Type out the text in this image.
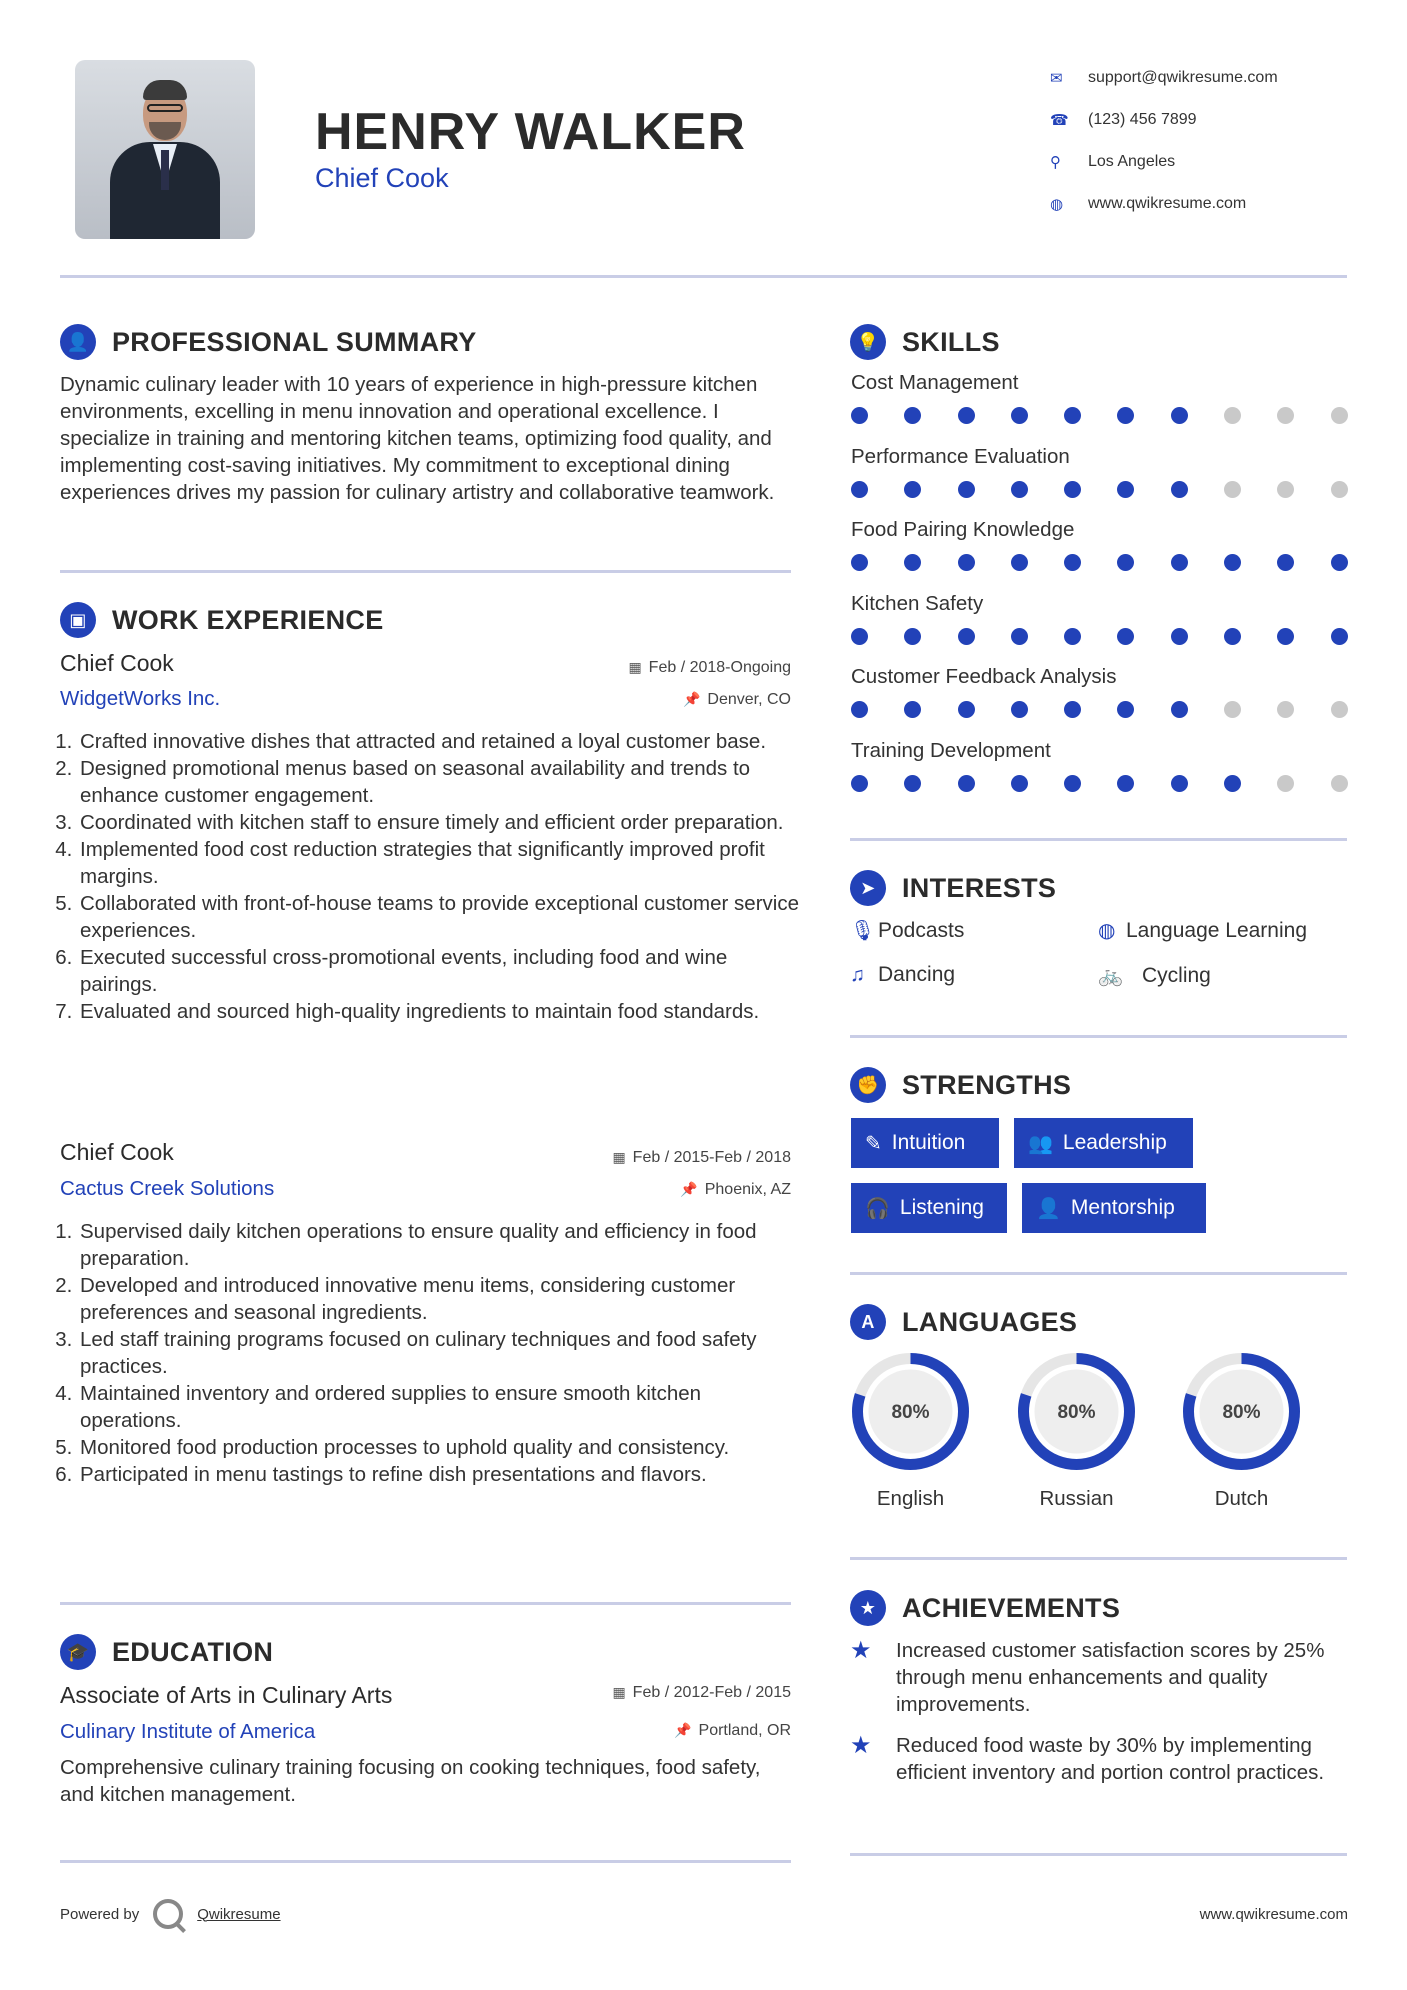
HENRY WALKER
Chief Cook
✉	support@qwikresume.com
☎	(123) 456 7899
⚲	Los Angeles
◍	www.qwikresume.com
👤 PROFESSIONAL SUMMARY
Dynamic culinary leader with 10 years of experience in high-pressure kitchen environments, excelling in menu innovation and operational excellence. I specialize in training and mentoring kitchen teams, optimizing food quality, and implementing cost-saving initiatives. My commitment to exceptional dining experiences drives my passion for culinary artistry and collaborative teamwork.
▣ WORK EXPERIENCE
Chief Cook	▦ Feb / 2018-Ongoing
WidgetWorks Inc.	📌 Denver, CO
1. Crafted innovative dishes that attracted and retained a loyal customer base.
2. Designed promotional menus based on seasonal availability and trends to enhance customer engagement.
3. Coordinated with kitchen staff to ensure timely and efficient order preparation.
4. Implemented food cost reduction strategies that significantly improved profit margins.
5. Collaborated with front-of-house teams to provide exceptional customer service experiences.
6. Executed successful cross-promotional events, including food and wine pairings.
7. Evaluated and sourced high-quality ingredients to maintain food standards.
Chief Cook	▦ Feb / 2015-Feb / 2018
Cactus Creek Solutions	📌 Phoenix, AZ
1. Supervised daily kitchen operations to ensure quality and efficiency in food preparation.
2. Developed and introduced innovative menu items, considering customer preferences and seasonal ingredients.
3. Led staff training programs focused on culinary techniques and food safety practices.
4. Maintained inventory and ordered supplies to ensure smooth kitchen operations.
5. Monitored food production processes to uphold quality and consistency.
6. Participated in menu tastings to refine dish presentations and flavors.
🎓 EDUCATION
Associate of Arts in Culinary Arts	▦ Feb / 2012-Feb / 2015
Culinary Institute of America	📌 Portland, OR
Comprehensive culinary training focusing on cooking techniques, food safety, and kitchen management.
💡 SKILLS
Cost Management
Performance Evaluation
Food Pairing Knowledge
Kitchen Safety
Customer Feedback Analysis
Training Development
➤ INTERESTS
🎙 Podcasts	◍ Language Learning
♫ Dancing	🚲 Cycling
✊ STRENGTHS
✎ Intuition	👥 Leadership
🎧 Listening	👤 Mentorship
A	LANGUAGES
80%
English
80%
Russian
80%
Dutch
★ ACHIEVEMENTS
★	Increased customer satisfaction scores by 25% through menu enhancements and quality improvements.
★	Reduced food waste by 30% by implementing efficient inventory and portion control practices.
Powered by	Qwikresume	www.qwikresume.com
